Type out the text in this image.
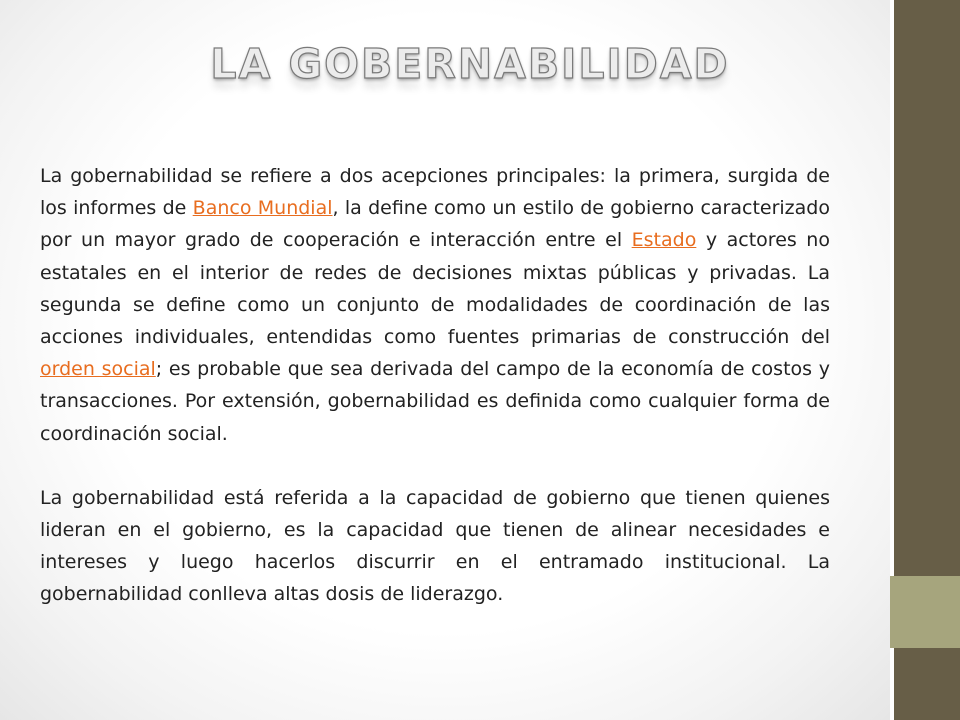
LA GOBERNABILIDAD

La gobernabilidad se refiere a dos acepciones principales: la primera, surgida de los informes de Banco Mundial, la define como un estilo de gobierno caracterizado por un mayor grado de cooperación e interacción entre el Estado y actores no estatales en el interior de redes de decisiones mixtas públicas y privadas. La segunda se define como un conjunto de modalidades de coordinación de las acciones individuales, entendidas como fuentes primarias de construcción del orden social; es probable que sea derivada del campo de la economía de costos y transacciones. Por extensión, gobernabilidad es definida como cualquier forma de coordinación social.

La gobernabilidad está referida a la capacidad de gobierno que tienen quienes lideran en el gobierno, es la capacidad que tienen de alinear necesidades e intereses y luego hacerlos discurrir en el entramado institucional. La gobernabilidad conlleva altas dosis de liderazgo.
